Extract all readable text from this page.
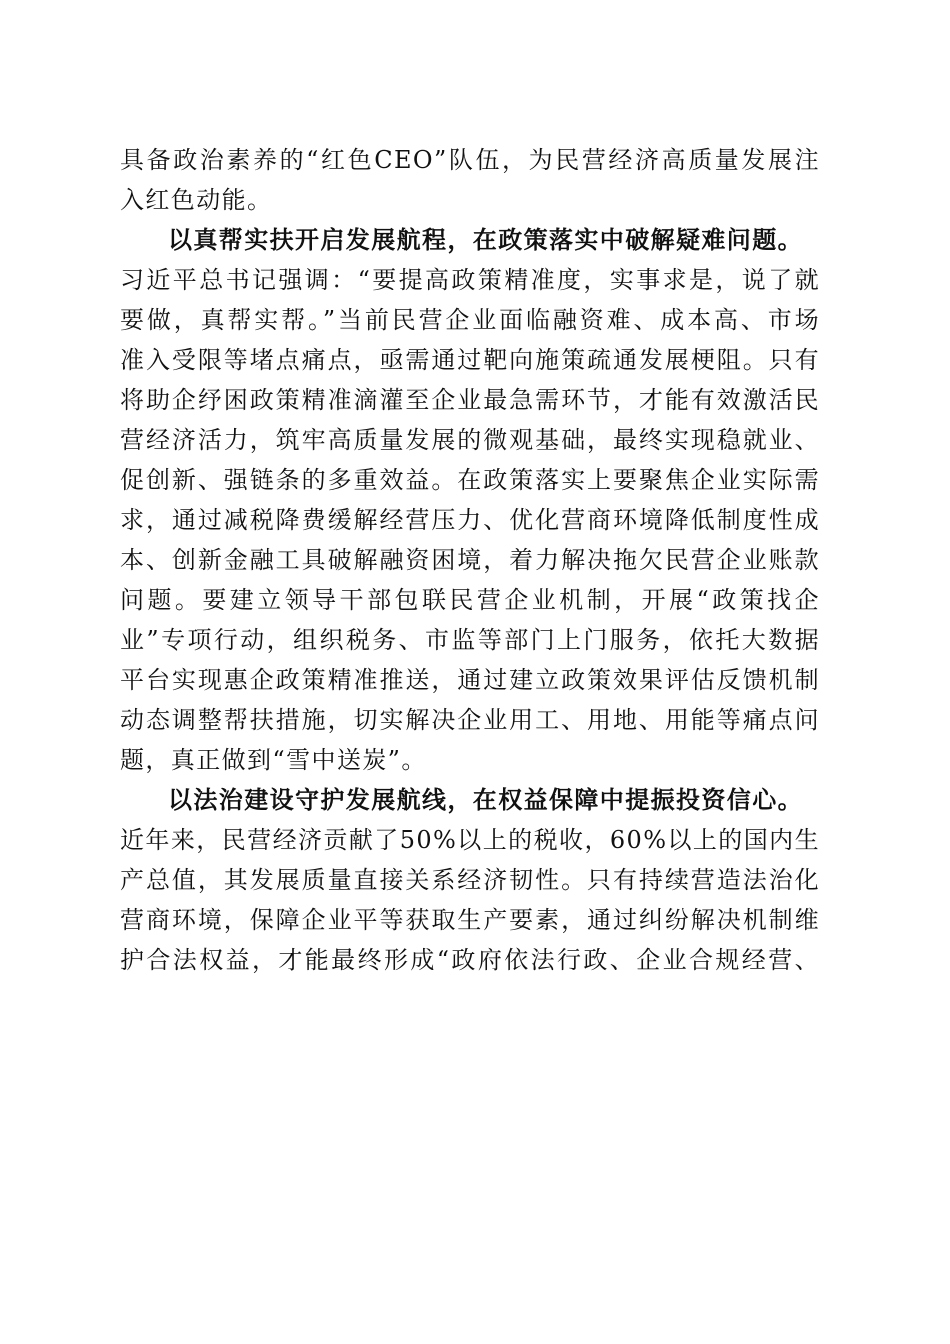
具备政治素养的“红色CEO”队伍，为民营经济高质量发展注
入红色动能。
以真帮实扶开启发展航程，在政策落实中破解疑难问题。
习近平总书记强调：“要提高政策精准度，实事求是，说了就
要做，真帮实帮。”当前民营企业面临融资难、成本高、市场
准入受限等堵点痛点，亟需通过靶向施策疏通发展梗阻。只有
将助企纾困政策精准滴灌至企业最急需环节，才能有效激活民
营经济活力，筑牢高质量发展的微观基础，最终实现稳就业、
促创新、强链条的多重效益。在政策落实上要聚焦企业实际需
求，通过减税降费缓解经营压力、优化营商环境降低制度性成
本、创新金融工具破解融资困境，着力解决拖欠民营企业账款
问题。要建立领导干部包联民营企业机制，开展“政策找企
业”专项行动，组织税务、市监等部门上门服务，依托大数据
平台实现惠企政策精准推送，通过建立政策效果评估反馈机制
动态调整帮扶措施，切实解决企业用工、用地、用能等痛点问
题，真正做到“雪中送炭”。
以法治建设守护发展航线，在权益保障中提振投资信心。
近年来，民营经济贡献了50%以上的税收，60%以上的国内生
产总值，其发展质量直接关系经济韧性。只有持续营造法治化
营商环境，保障企业平等获取生产要素，通过纠纷解决机制维
护合法权益，才能最终形成“政府依法行政、企业合规经营、
